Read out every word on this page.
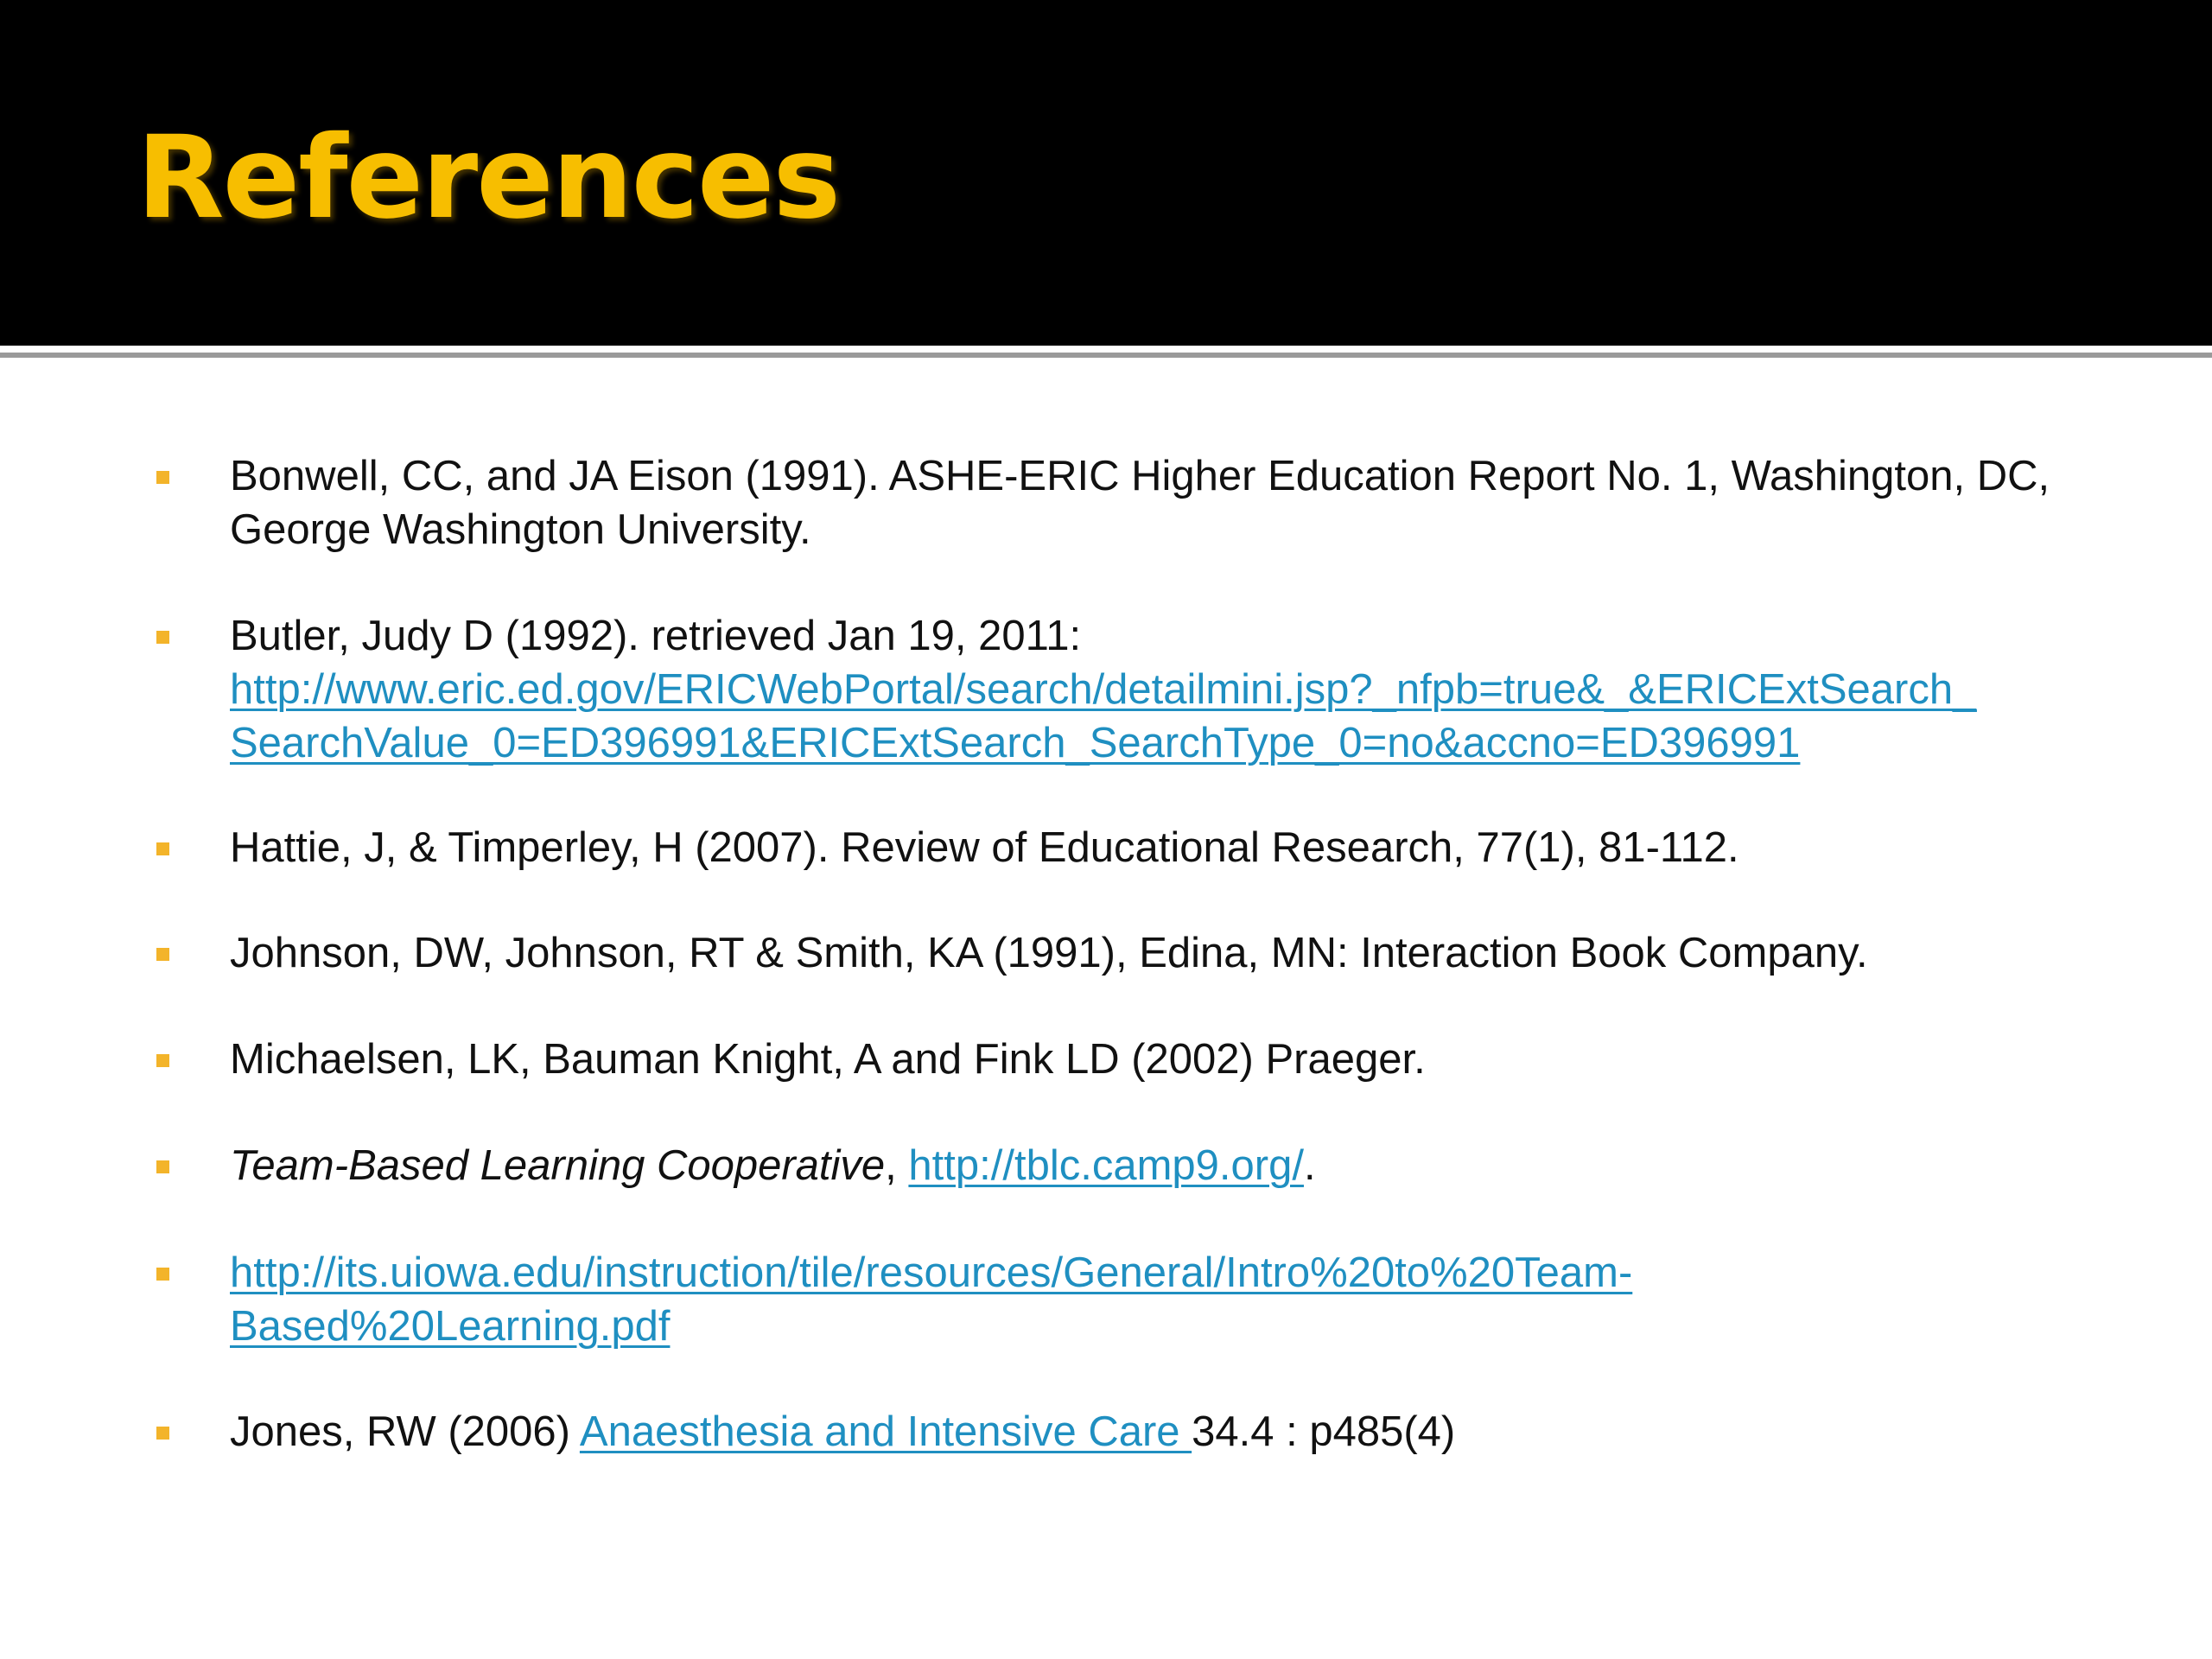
References
Bonwell, CC, and JA Eison (1991). ASHE-ERIC Higher Education Report No. 1, Washington, DC,
George Washington University.
Butler, Judy D (1992). retrieved Jan 19, 2011:
http://www.eric.ed.gov/ERICWebPortal/search/detailmini.jsp?_nfpb=true&_&ERICExtSearch_
SearchValue_0=ED396991&ERICExtSearch_SearchType_0=no&accno=ED396991
Hattie, J, & Timperley, H (2007). Review of Educational Research, 77(1), 81-112.
Johnson, DW, Johnson, RT & Smith, KA (1991), Edina, MN: Interaction Book Company.
Michaelsen, LK, Bauman Knight, A and Fink LD (2002) Praeger.
Team-Based Learning Cooperative, http://tblc.camp9.org/.
http://its.uiowa.edu/instruction/tile/resources/General/Intro%20to%20Team-
Based%20Learning.pdf
Jones, RW (2006) Anaesthesia and Intensive Care 34.4 : p485(4)
